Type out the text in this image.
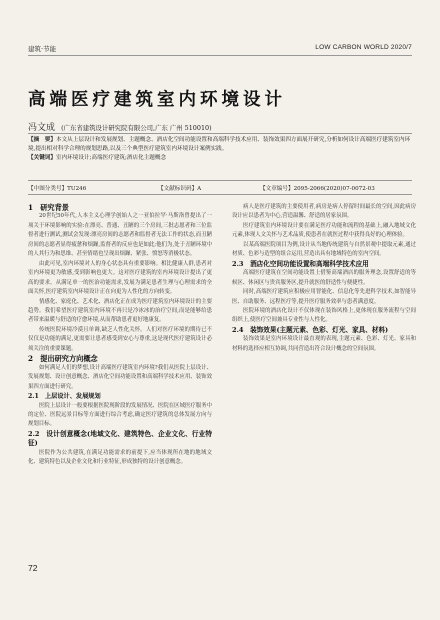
建筑·节能	LOW CARBON WORLD 2020/7
高端医疗建筑室内环境设计
冯文成 (广东省建筑设计研究院有限公司,广东 广州 510010)
【摘　要】本文从上层设计和发展规划、主题概念、酒店化空间功能设置和高端科学技术应用、装饰效果四方面展开研究,分析如何设计高端医疗建筑室内环境,提出相对科学合理的规划思路,以及三个典型医疗建筑室内环境设计案例实践。
【关键词】室内环境设计;高端医疗建筑;酒店化主题概念
【中图分类号】TU246	【文献标识码】A	【文章编号】2095-2066(2020)07-0072-03

1　研究背景

20世纪50年代,人本主义心理学创始人之一亚伯拉罕·马斯洛曾提出了一项关于环境影响的实验:在漂亮、普通、丑陋的三个房间,三批志愿者和三位监督者进行测试,测试会发现:漂亮房间的志愿者和监督者无法工作的状态,而丑陋房间的志愿者显得疲惫和烦躁,监督者的反应也是如此;他们为,处于丑陋环境中的人其行为和思维、甚至情绪也呈现出烦躁、紧张、愤怒等消极状态。

由此可见,室内环境对人的身心状态具有重要影响。相比健康人群,患者对室内环境更为敏感,受到影响也更大。这对医疗建筑的室内环境设计提出了更高的要求。从满足单一的医治功能需求,发展为满足患者生理与心理需求的全面关怀,医疗建筑室内环境设计正在向更为人性化的方向转变。

情感化、家庭化、艺术化、酒店化正在成为医疗建筑室内环境设计的主要趋势。我们希望医疗建筑室内环境不再只是冷冰冰的治疗空间,而是能够给患者带来温暖与舒适的疗愈环境,从而帮助患者更好地康复。

传统医院环境冷漠且单调,缺乏人性化关怀。人们对医疗环境的期待已不仅仅是功能的满足,更需要让患者感受到安心与尊重,这是现代医疗建筑设计必须关注的重要课题。

2　提出研究方向概念

如何满足人们的梦想,设计高端医疗建筑室内环境?我们从医院上层设计、发展规划、设计创意概念、酒店化空间功能设置和高端科学技术应用、装饰效果四方面进行研究。

2.1　上层设计、发展规划

医院上层设计一般要根据医院现阶段的发展情况、医院在区域医疗服务中的定位、医院远景目标等方面进行综合考虑,确定医疗建筑的总体发展方向与规划目标。

2.2　设计创意概念(地域文化、建筑特色、企业文化、行业特征)

医院作为公共建筑,在满足功能需求的前提下,应当体现所在地的地域文化、建筑特色以及企业文化和行业特征,形成独特的设计创意概念。

病人是医疗建筑的主要使用者,病房是病人停留时间最长的空间,因此病房设计应以患者为中心,营造温馨、舒适的居家氛围。

医疗建筑室内环境设计要在满足医疗功能和流程的基础上,融入地域文化元素,体现人文关怀与艺术品质,使患者在就医过程中获得良好的心理体验。

以某高端医院项目为例,设计从当地传统建筑与自然景观中提取元素,通过材质、色彩与造型的组合运用,营造出具有地域特色的室内空间。

2.3　酒店化空间功能设置和高端科学技术应用

高端医疗建筑在空间功能设置上借鉴高端酒店的服务理念,设置舒适的等候区、休闲区与贵宾服务区,提升就医的舒适性与便捷性。

同时,高端医疗建筑应积极应用智能化、信息化等先进科学技术,如智能导医、自助服务、远程医疗等,提升医疗服务效率与患者满意度。

医院环境的酒店化设计不仅体现在装饰风格上,更体现在服务流程与空间组织上,使医疗空间兼具专业性与人性化。

2.4　装饰效果(主题元素、色彩、灯光、家具、材料)

装饰效果是室内环境设计最直观的表现,主题元素、色彩、灯光、家具和材料的选择应相互协调,共同营造出符合设计概念的空间氛围。

72
